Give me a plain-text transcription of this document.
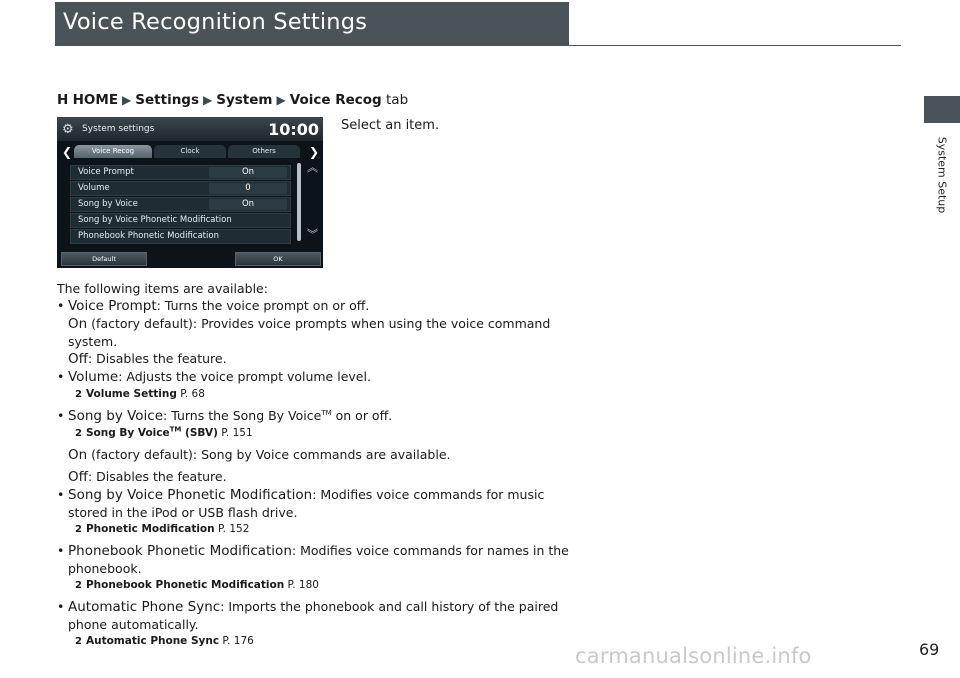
Voice Recognition Settings
System Setup
H HOME ▶ Settings ▶ System ▶ Voice Recog tab
⚙ System settings	10:00
❮	Voice Recog	Clock	Others	❯
Voice Prompt	On
Volume	0
Song by Voice	On
Song by Voice Phonetic Modification
Phonebook Phonetic Modification
︽
︾
Default	OK
Select an item.

The following items are available:

• Voice Prompt: Turns the voice prompt on or off.

On (factory default): Provides voice prompts when using the voice command system.

Off: Disables the feature.

• Volume: Adjusts the voice prompt volume level.

2 Volume Setting P. 68

• Song by Voice: Turns the Song By Voice™ on or off.

2 Song By Voice™ (SBV) P. 151

On (factory default): Song by Voice commands are available.

Off: Disables the feature.

• Song by Voice Phonetic Modification: Modifies voice commands for music stored in the iPod or USB flash drive.

2 Phonetic Modification P. 152

• Phonebook Phonetic Modification: Modifies voice commands for names in the phonebook.

2 Phonebook Phonetic Modification P. 180

• Automatic Phone Sync: Imports the phonebook and call history of the paired phone automatically.

2 Automatic Phone Sync P. 176

carmanualsonline.info	69
